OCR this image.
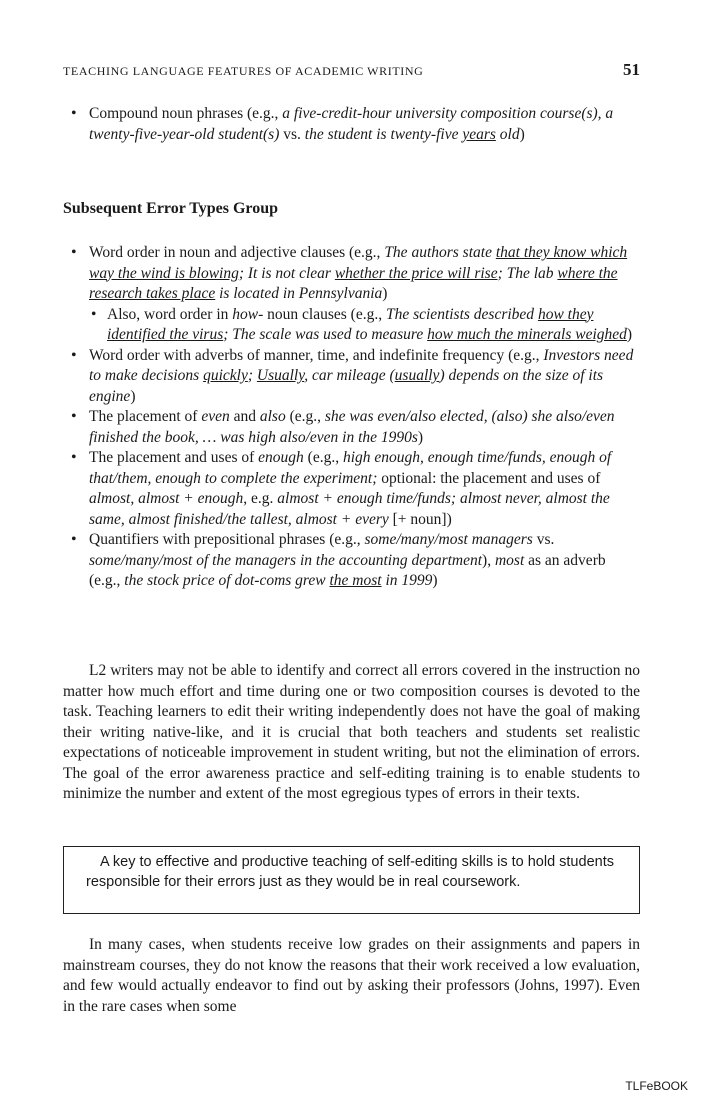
TEACHING LANGUAGE FEATURES OF ACADEMIC WRITING	51
• Compound noun phrases (e.g., a five-credit-hour university composition course(s), a twenty-five-year-old student(s) vs. the student is twenty-five years old)
Subsequent Error Types Group
• Word order in noun and adjective clauses (e.g., The authors state that they know which way the wind is blowing; It is not clear whether the price will rise; The lab where the research takes place is located in Pennsylvania)
• Also, word order in how- noun clauses (e.g., The scientists described how they identified the virus; The scale was used to measure how much the minerals weighed)
• Word order with adverbs of manner, time, and indefinite frequency (e.g., Investors need to make decisions quickly; Usually, car mileage (usually) depends on the size of its engine)
• The placement of even and also (e.g., she was even/also elected, (also) she also/even finished the book, … was high also/even in the 1990s)
• The placement and uses of enough (e.g., high enough, enough time/funds, enough of that/them, enough to complete the experiment; optional: the placement and uses of almost, almost + enough, e.g. almost + enough time/funds; almost never, almost the same, almost finished/the tallest, almost + every [+ noun])
• Quantifiers with prepositional phrases (e.g., some/many/most managers vs. some/many/most of the managers in the accounting department), most as an adverb (e.g., the stock price of dot-coms grew the most in 1999)

L2 writers may not be able to identify and correct all errors covered in the instruction no matter how much effort and time during one or two composition courses is devoted to the task. Teaching learners to edit their writing independently does not have the goal of making their writing native-like, and it is crucial that both teachers and students set realistic expectations of noticeable improvement in student writing, but not the elimination of errors. The goal of the error awareness practice and self-editing training is to enable students to minimize the number and extent of the most egregious types of errors in their texts.

A key to effective and productive teaching of self-editing skills is to hold students responsible for their errors just as they would be in real coursework.

In many cases, when students receive low grades on their assignments and papers in mainstream courses, they do not know the reasons that their work received a low evaluation, and few would actually endeavor to find out by asking their professors (Johns, 1997). Even in the rare cases when some

TLFeBOOK
